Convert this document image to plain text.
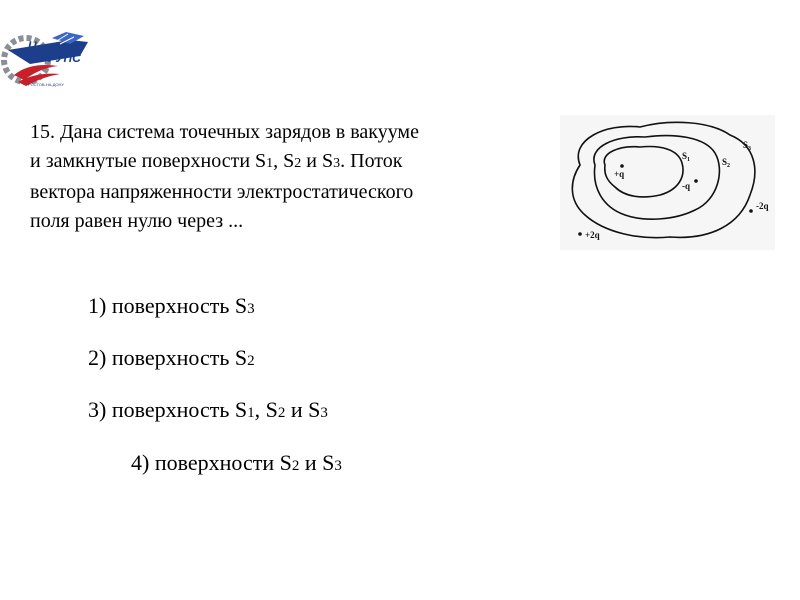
U
РГУПС
РОСТОВ-НА-ДОНУ
15. Дана система точечных зарядов в вакууме
и замкнутые поверхности S1, S2 и S3. Поток
вектора напряженности электростатического
поля равен нулю через ...
$S_3$
$S_2$
$S_1$
+q
-q
-2q
+2q
1) поверхность S3
2) поверхность S2
3) поверхность S1, S2 и S3
4) поверхности S2 и S3
